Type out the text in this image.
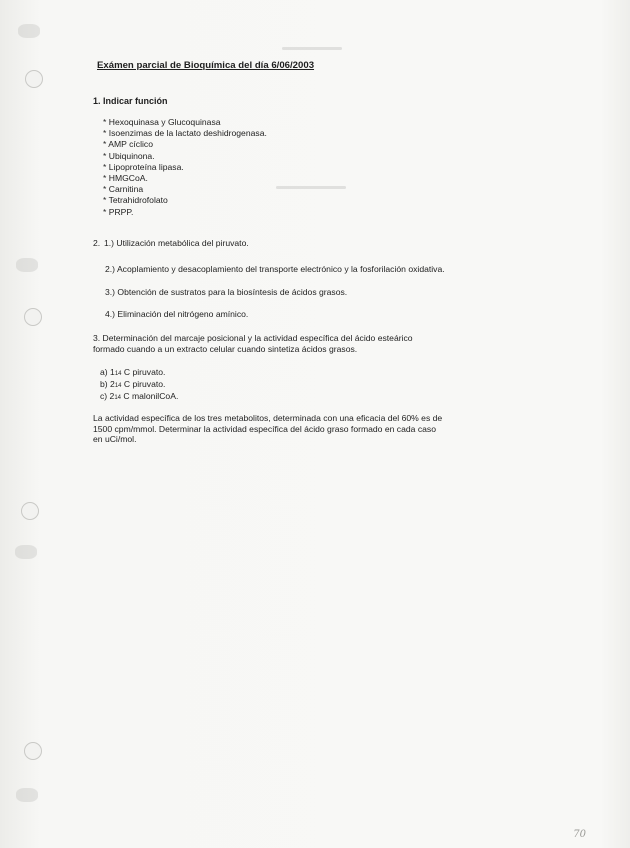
Exámen parcial de Bioquímica del día 6/06/2003
1. Indicar función
* Hexoquinasa y Glucoquinasa
* Isoenzimas de la lactato deshidrogenasa.
* AMP cíclico
* Ubiquinona.
* Lipoproteína lipasa.
* HMGCoA.
* Carnitina
* Tetrahidrofolato
* PRPP.
2. 1.) Utilización metabólica del piruvato.
2.) Acoplamiento y desacoplamiento del transporte electrónico y la fosforilación oxidativa.
3.) Obtención de sustratos para la biosíntesis de ácidos grasos.
4.) Eliminación del nitrógeno amínico.
3. Determinación del marcaje posicional y la actividad específica del ácido esteárico
formado cuando a un extracto celular cuando sintetiza ácidos grasos.
a) 114 C piruvato.
b) 214 C piruvato.
c) 214 C malonilCoA.
La actividad específica de los tres metabolitos, determinada con una eficacia del 60% es de
1500 cpm/mmol. Determinar la actividad específica del ácido graso formado en cada caso
en uCi/mol.
70
